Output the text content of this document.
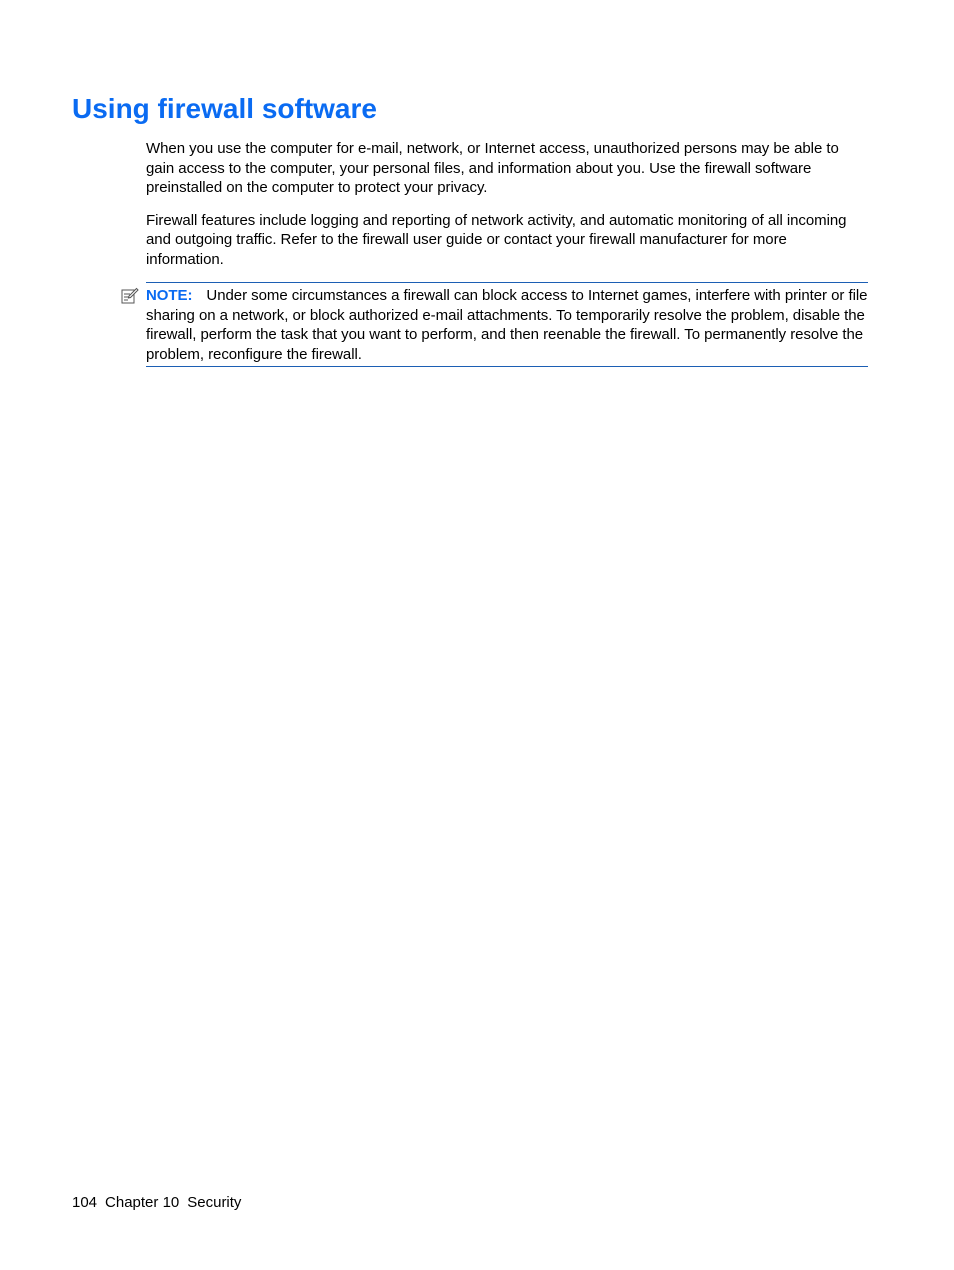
Using firewall software

When you use the computer for e-mail, network, or Internet access, unauthorized persons may be able to gain access to the computer, your personal files, and information about you. Use the firewall software preinstalled on the computer to protect your privacy.

Firewall features include logging and reporting of network activity, and automatic monitoring of all incoming and outgoing traffic. Refer to the firewall user guide or contact your firewall manufacturer for more information.

NOTE: Under some circumstances a firewall can block access to Internet games, interfere with printer or file sharing on a network, or block authorized e-mail attachments. To temporarily resolve the problem, disable the firewall, perform the task that you want to perform, and then reenable the firewall. To permanently resolve the problem, reconfigure the firewall.
104 Chapter 10 Security
